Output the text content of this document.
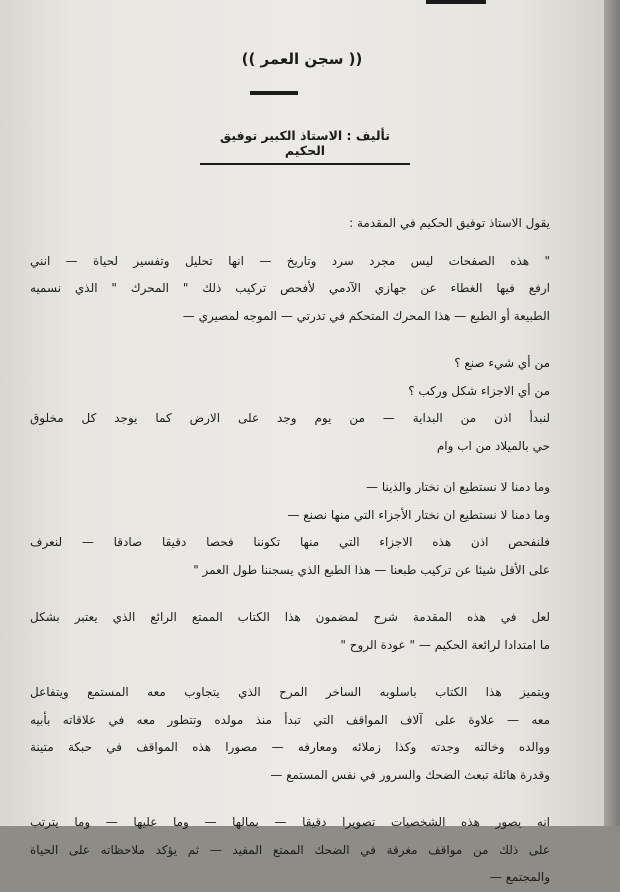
(( سجن العمر ))
تأليف : الاستاذ الكبير توفيق الحكيم

يقول الاستاذ توفيق الحكيم في المقدمة :

" هذه الصفحات ليس مجرد سرد وتاريخ — انها تحليل وتفسير لحياة — انني

ارفع فيها الغطاء عن جهازي الآدمي لأفحص تركيب ذلك " المحرك " الذي نسميه

الطبيعة أو الطبع — هذا المحرك المتحكم في تدرتي — الموجه لمصيري —

من أي شيء صنع ؟

من أي الاجزاء شكل وركب ؟

لنبدأ اذن من البداية — من يوم وجد على الارض كما يوجد كل مخلوق

حي بالميلاد من اب وام

وما دمنا لا نستطيع ان نختار والدينا —

وما دمنا لا نستطيع ان نختار الأجزاء التي منها نصنع —

فلنفحص اذن هذه الاجزاء التي منها تكوننا فحصا دقيقا صادقا — لنعرف

على الأقل شيئا عن تركيب طبعنا — هذا الطبع الذي يسجننا طول العمر "

لعل في هذه المقدمة شرح لمضمون هذا الكتاب الممتع الرائع الذي يعتبر بشكل

ما امتدادا لرائعة الحكيم — " عودة الروح "

ويتميز هذا الكتاب باسلوبه الساخر المرح الذي يتجاوب معه المستمع ويتفاعل

معه — علاوة على آلاف المواقف التي تبدأ منذ مولده وتتطور معه في علاقاته بأبيه

ووالده وخالته وجدته وكذا زملائه ومعارفه — مصورا هذه المواقف في حبكة متينة

وقدرة هائلة تبعث الضحك والسرور في نفس المستمع —

انه يصور هذه الشخصيات تصويرا دقيقا — بمالها — وما عليها — وما يترتب

على ذلك من مواقف مغرقة في الضحك الممتع المفيد — ثم يؤكد ملاحظاته على الحياة

والمجتمع —
